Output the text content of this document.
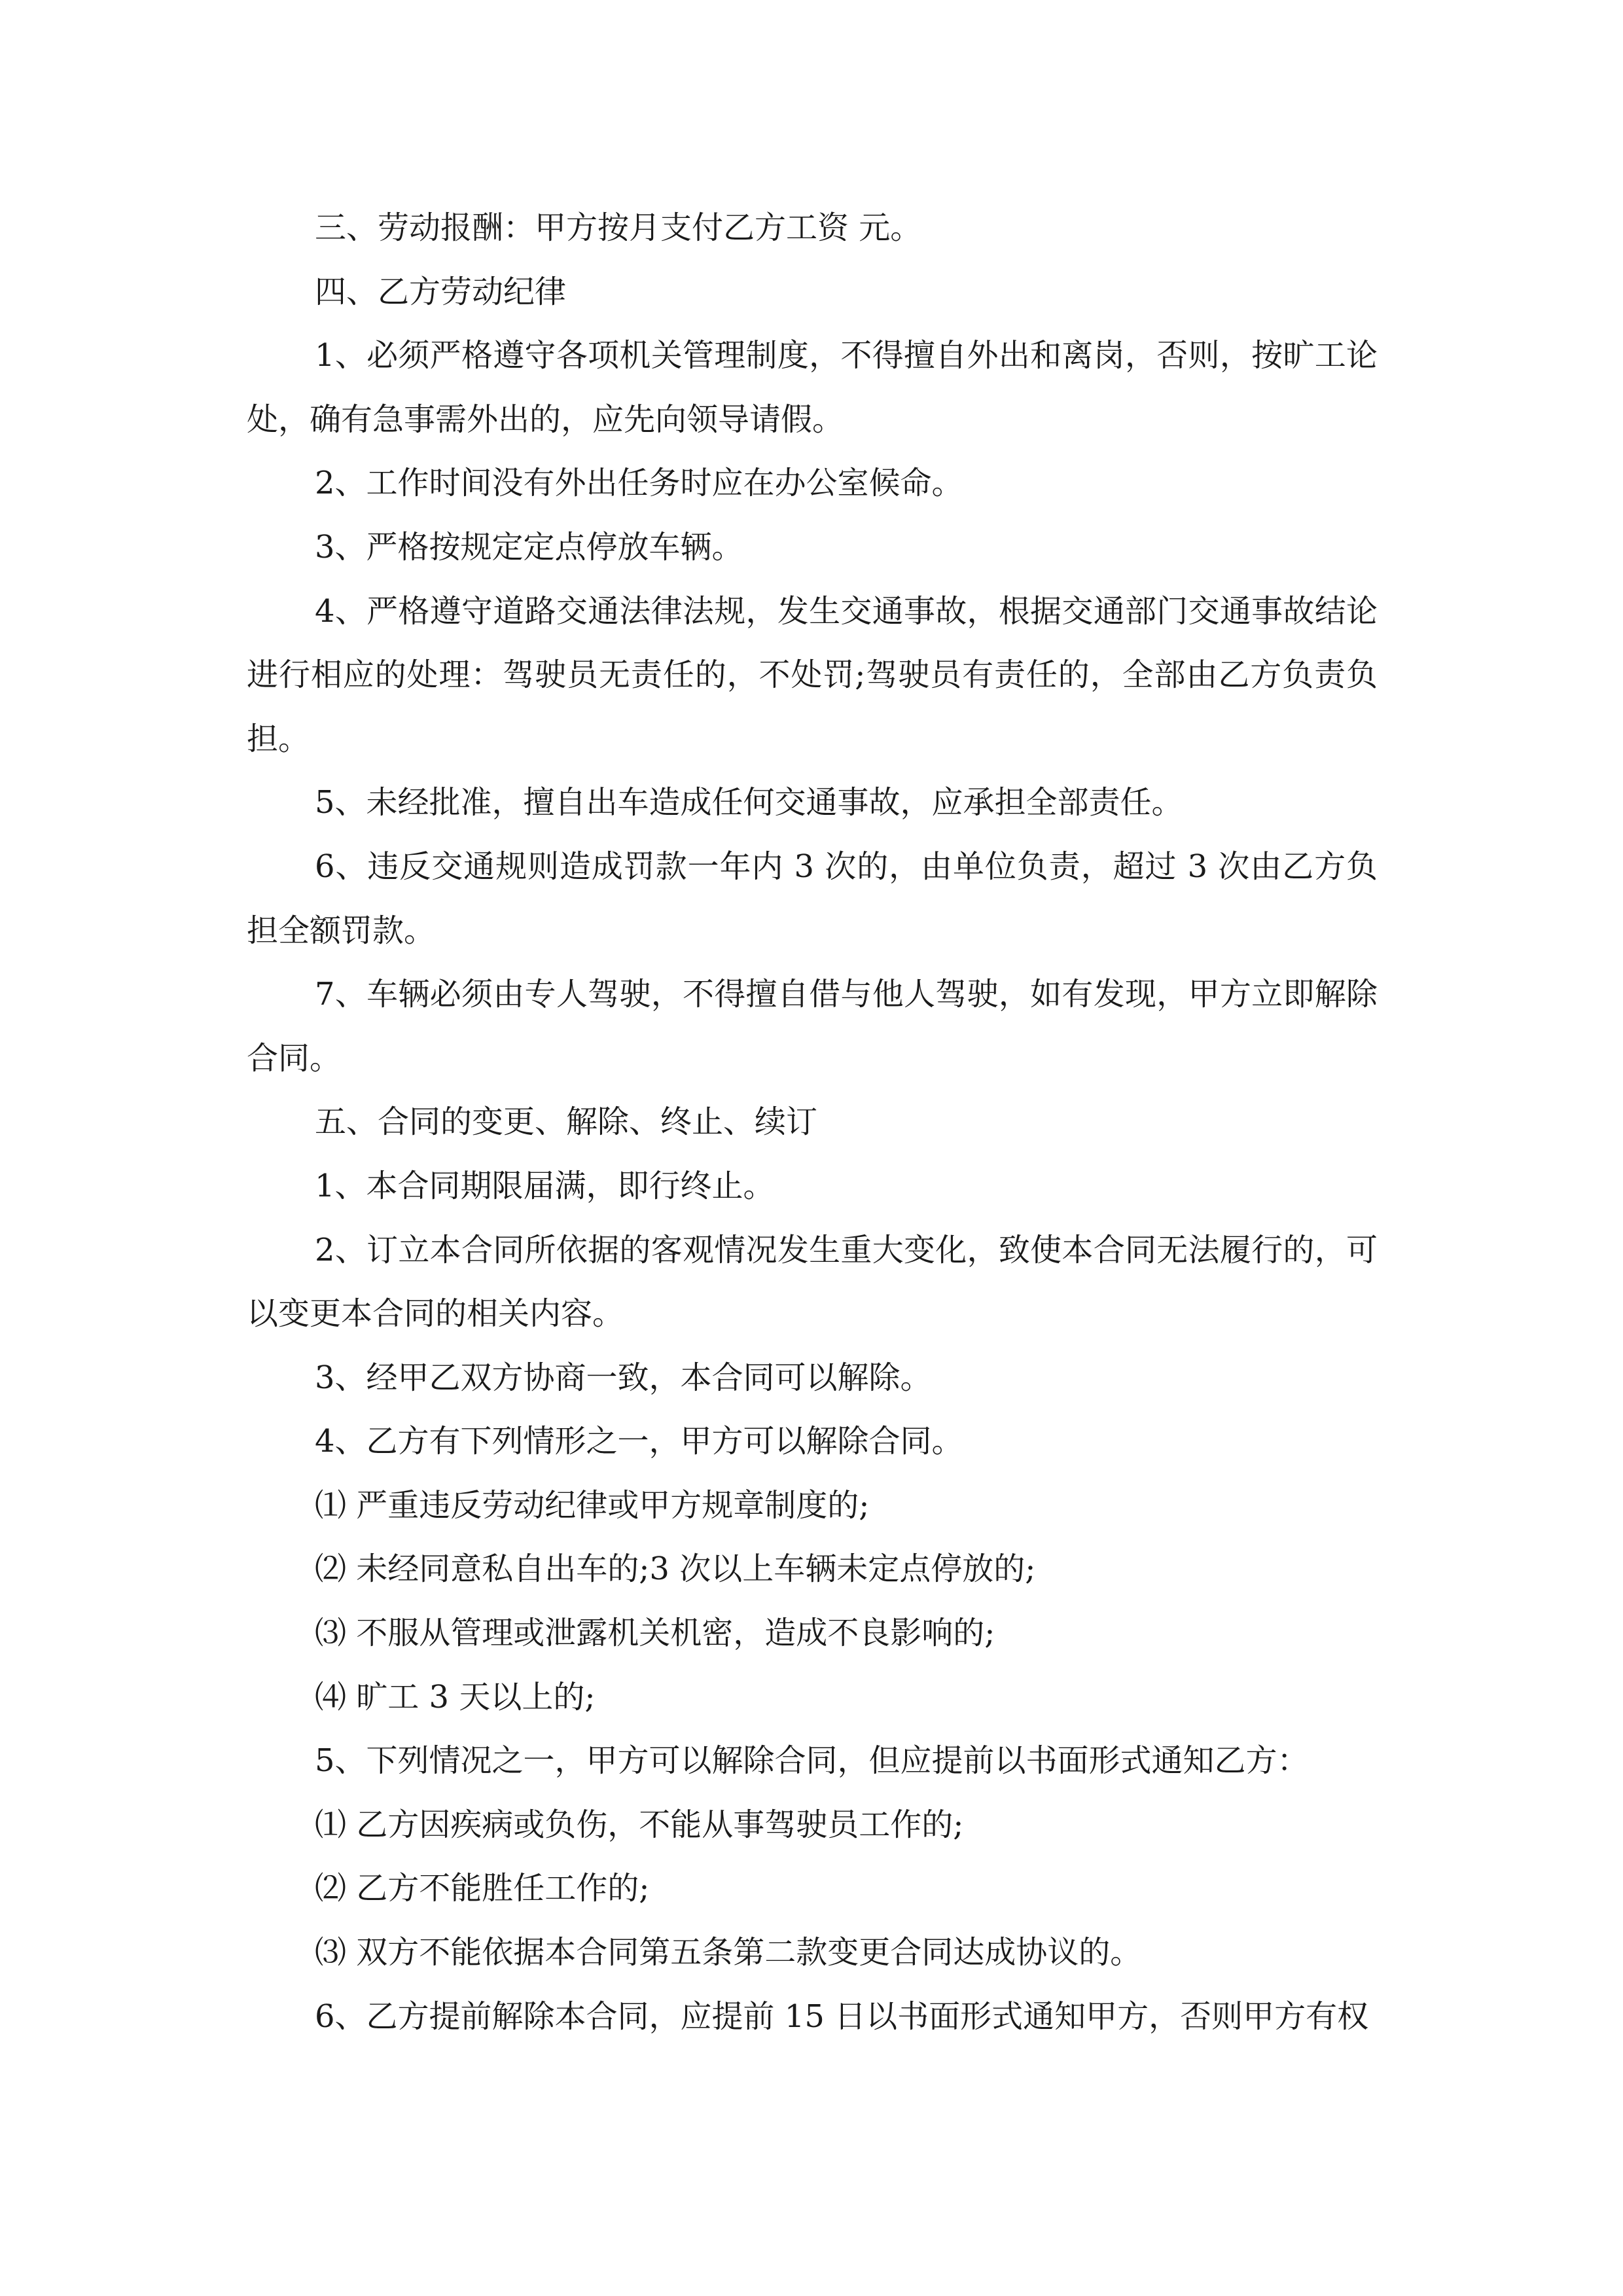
三、劳动报酬：甲方按月支付乙方工资 元。

四、乙方劳动纪律

1、必须严格遵守各项机关管理制度，不得擅自外出和离岗，否则，按旷工论处，确有急事需外出的，应先向领导请假。

2、工作时间没有外出任务时应在办公室候命。

3、严格按规定定点停放车辆。

4、严格遵守道路交通法律法规，发生交通事故，根据交通部门交通事故结论进行相应的处理：驾驶员无责任的，不处罚;驾驶员有责任的，全部由乙方负责负担。

5、未经批准，擅自出车造成任何交通事故，应承担全部责任。

6、违反交通规则造成罚款一年内 3 次的，由单位负责，超过 3 次由乙方负担全额罚款。

7、车辆必须由专人驾驶，不得擅自借与他人驾驶，如有发现，甲方立即解除合同。

五、合同的变更、解除、终止、续订

1、本合同期限届满，即行终止。

2、订立本合同所依据的客观情况发生重大变化，致使本合同无法履行的，可以变更本合同的相关内容。

3、经甲乙双方协商一致，本合同可以解除。

4、乙方有下列情形之一，甲方可以解除合同。

⑴ 严重违反劳动纪律或甲方规章制度的;

⑵ 未经同意私自出车的;3 次以上车辆未定点停放的;

⑶ 不服从管理或泄露机关机密，造成不良影响的;

⑷ 旷工 3 天以上的;

5、下列情况之一，甲方可以解除合同，但应提前以书面形式通知乙方：

⑴ 乙方因疾病或负伤，不能从事驾驶员工作的;

⑵ 乙方不能胜任工作的;

⑶ 双方不能依据本合同第五条第二款变更合同达成协议的。

6、乙方提前解除本合同，应提前 15 日以书面形式通知甲方，否则甲方有权
